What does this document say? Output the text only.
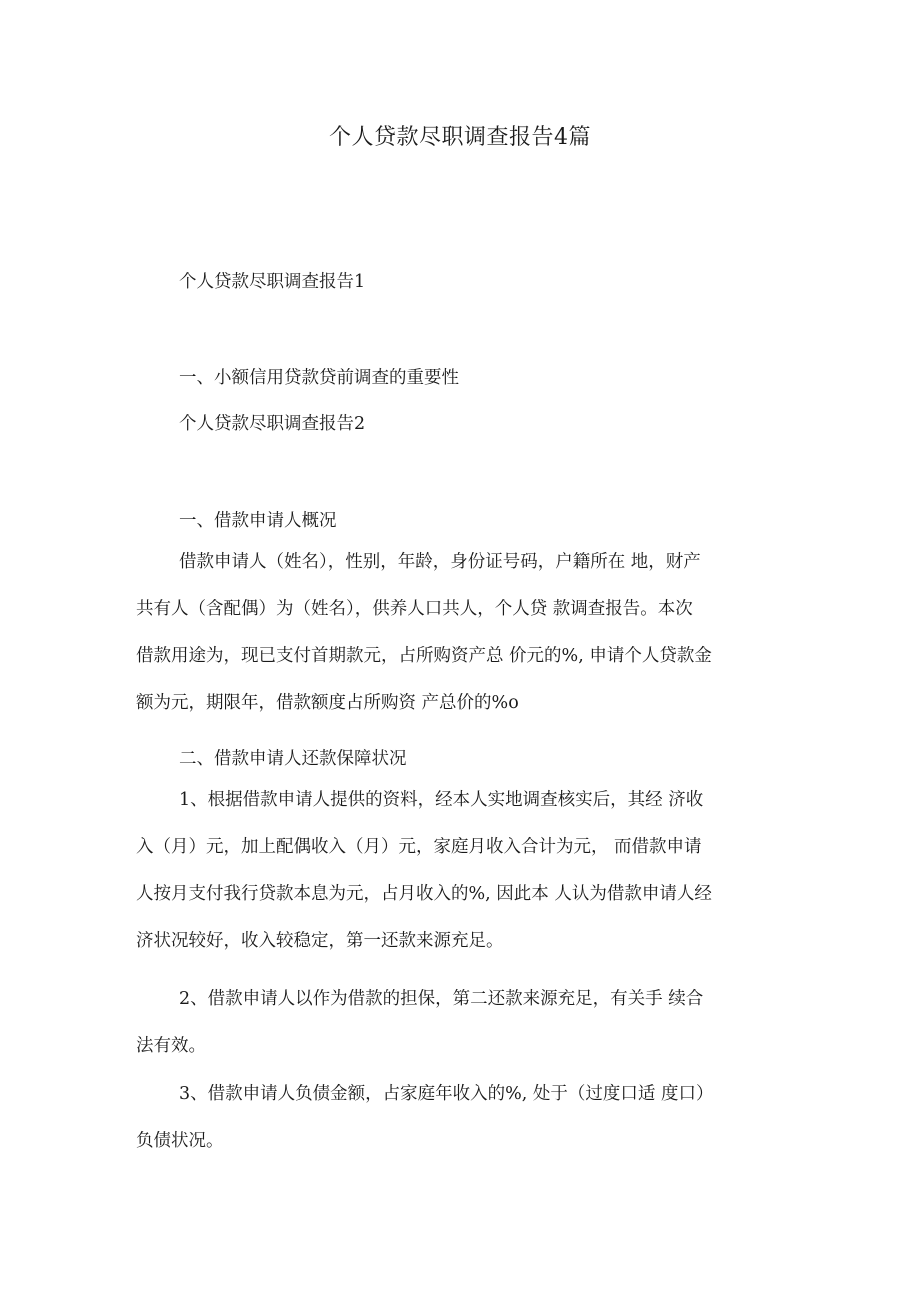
个人贷款尽职调查报告4篇
个人贷款尽职调查报告1
一、小额信用贷款贷前调查的重要性
个人贷款尽职调查报告2
一、借款申请人概况

借款申请人（姓名），性别，年龄，身份证号码，户籍所在 地，财产

共有人（含配偶）为（姓名），供养人口共人，个人贷 款调查报告。本次

借款用途为，现已支付首期款元，占所购资产总 价元的%, 申请个人贷款金

额为元，期限年，借款额度占所购资 产总价的%o

二、借款申请人还款保障状况

1、根据借款申请人提供的资料，经本人实地调查核实后，其经 济收

入（月）元，加上配偶收入（月）元，家庭月收入合计为元， 而借款申请

人按月支付我行贷款本息为元，占月收入的%, 因此本 人认为借款申请人经

济状况较好，收入较稳定，第一还款来源充足。

2、借款申请人以作为借款的担保，第二还款来源充足，有关手 续合

法有效。

3、借款申请人负债金额，占家庭年收入的%, 处于（过度口适 度口）

负债状况。
